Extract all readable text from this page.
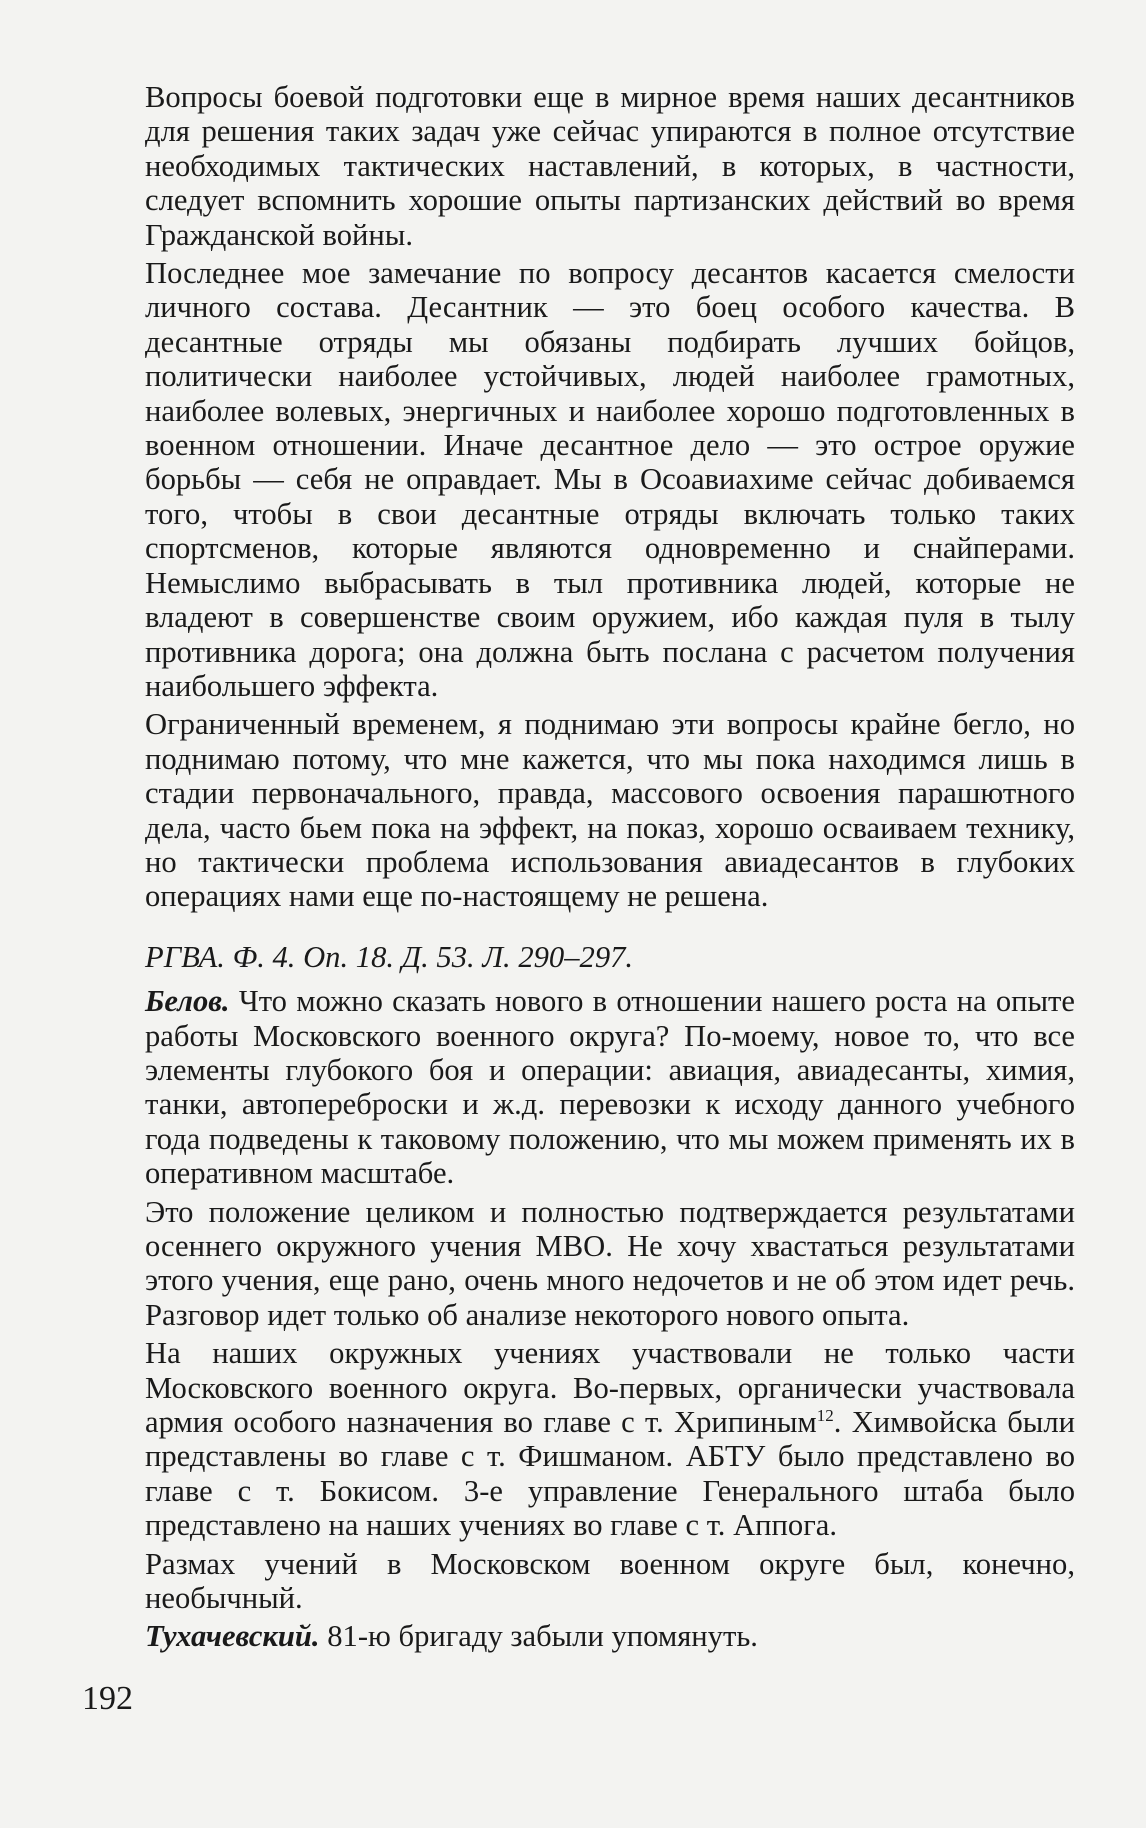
Вопросы боевой подготовки еще в мирное время наших десантников для решения таких задач уже сейчас упираются в полное отсутствие необходимых тактических наставлений, в которых, в частности, следует вспомнить хорошие опыты партизанских действий во время Гражданской войны.

Последнее мое замечание по вопросу десантов касается смелости личного состава. Десантник — это боец особого качества. В десантные отряды мы обязаны подбирать лучших бойцов, политически наиболее устойчивых, людей наиболее грамотных, наиболее волевых, энергичных и наиболее хорошо подготовленных в военном отношении. Иначе десантное дело — это острое оружие борьбы — себя не оправдает. Мы в Осоавиахиме сейчас добиваемся того, чтобы в свои десантные отряды включать только таких спортсменов, которые являются одновременно и снайперами. Немыслимо выбрасывать в тыл противника людей, которые не владеют в совершенстве своим оружием, ибо каждая пуля в тылу противника дорога; она должна быть послана с расчетом получения наибольшего эффекта.

Ограниченный временем, я поднимаю эти вопросы крайне бегло, но поднимаю потому, что мне кажется, что мы пока находимся лишь в стадии первоначального, правда, массового освоения парашютного дела, часто бьем пока на эффект, на показ, хорошо осваиваем технику, но тактически проблема использования авиадесантов в глубоких операциях нами еще по-настоящему не решена.

РГВА. Ф. 4. Оп. 18. Д. 53. Л. 290–297.

Белов. Что можно сказать нового в отношении нашего роста на опыте работы Московского военного округа? По-моему, новое то, что все элементы глубокого боя и операции: авиация, авиадесанты, химия, танки, автопереброски и ж.д. перевозки к исходу данного учебного года подведены к таковому положению, что мы можем применять их в оперативном масштабе.

Это положение целиком и полностью подтверждается результатами осеннего окружного учения МВО. Не хочу хвастаться результатами этого учения, еще рано, очень много недочетов и не об этом идет речь. Разговор идет только об анализе некоторого нового опыта.

На наших окружных учениях участвовали не только части Московского военного округа. Во-первых, органически участвовала армия особого назначения во главе с т. Хрипиным$^{12}$. Химвойска были представлены во главе с т. Фишманом. АБТУ было представлено во главе с т. Бокисом. 3-е управление Генерального штаба было представлено на наших учениях во главе с т. Аппога.

Размах учений в Московском военном округе был, конечно, необычный.

Тухачевский. 81-ю бригаду забыли упомянуть.

192
